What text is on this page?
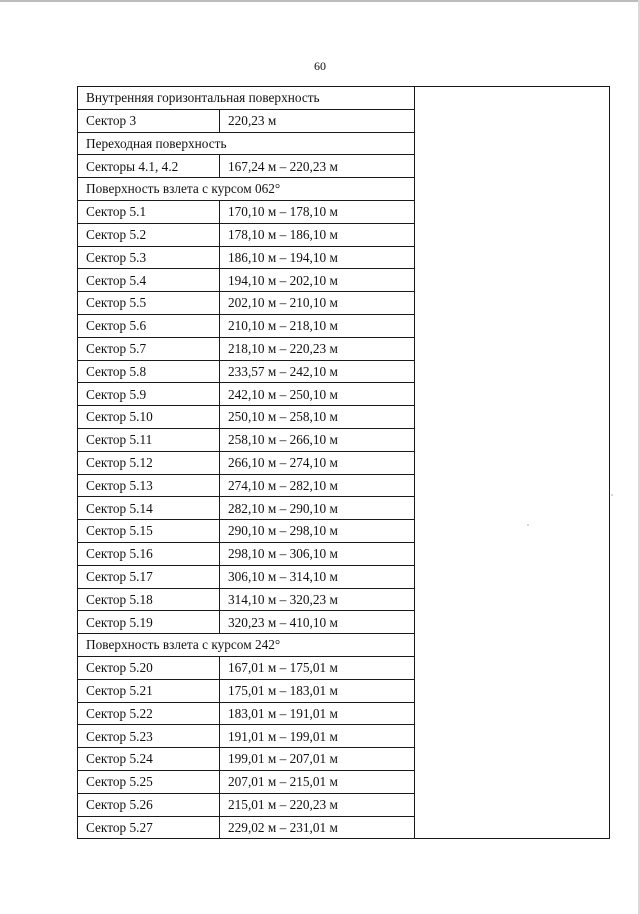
60
Внутренняя горизонтальная поверхность		
Сектор 3	220,23 м	
Переходная поверхность		
Секторы 4.1, 4.2	167,24 м – 220,23 м	
Поверхность взлета с курсом 062°		
Сектор 5.1	170,10 м – 178,10 м	
Сектор 5.2	178,10 м – 186,10 м	
Сектор 5.3	186,10 м – 194,10 м	
Сектор 5.4	194,10 м – 202,10 м	
Сектор 5.5	202,10 м – 210,10 м	
Сектор 5.6	210,10 м – 218,10 м	
Сектор 5.7	218,10 м – 220,23 м	
Сектор 5.8	233,57 м – 242,10 м	
Сектор 5.9	242,10 м – 250,10 м	
Сектор 5.10	250,10 м – 258,10 м	
Сектор 5.11	258,10 м – 266,10 м	
Сектор 5.12	266,10 м – 274,10 м	
Сектор 5.13	274,10 м – 282,10 м	
Сектор 5.14	282,10 м – 290,10 м	
Сектор 5.15	290,10 м – 298,10 м	
Сектор 5.16	298,10 м – 306,10 м	
Сектор 5.17	306,10 м – 314,10 м	
Сектор 5.18	314,10 м – 320,23 м	
Сектор 5.19	320,23 м – 410,10 м	
Поверхность взлета с курсом 242°		
Сектор 5.20	167,01 м – 175,01 м	
Сектор 5.21	175,01 м – 183,01 м	
Сектор 5.22	183,01 м – 191,01 м	
Сектор 5.23	191,01 м – 199,01 м	
Сектор 5.24	199,01 м – 207,01 м	
Сектор 5.25	207,01 м – 215,01 м	
Сектор 5.26	215,01 м – 220,23 м	
Сектор 5.27	229,02 м – 231,01 м	
